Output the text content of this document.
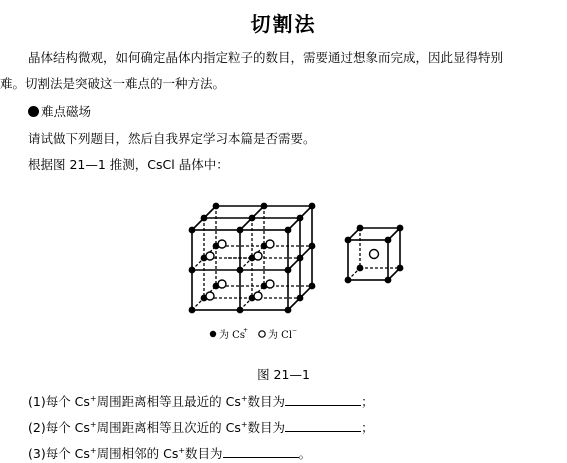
切割法
晶体结构微观，如何确定晶体内指定粒子的数目，需要通过想象而完成，因此显得特别
难。切割法是突破这一难点的一种方法。
难点磁场
请试做下列题目，然后自我界定学习本篇是否需要。
根据图 21—1 推测，CsCl 晶体中：
为 Cs
+ 为 Cl −
图 21—1
(1)每个 Cs+周围距离相等且最近的 Cs+数目为	；
(2)每个 Cs+周围距离相等且次近的 Cs+数目为	；
(3)每个 Cs+周围相邻的 Cs+数目为	。
